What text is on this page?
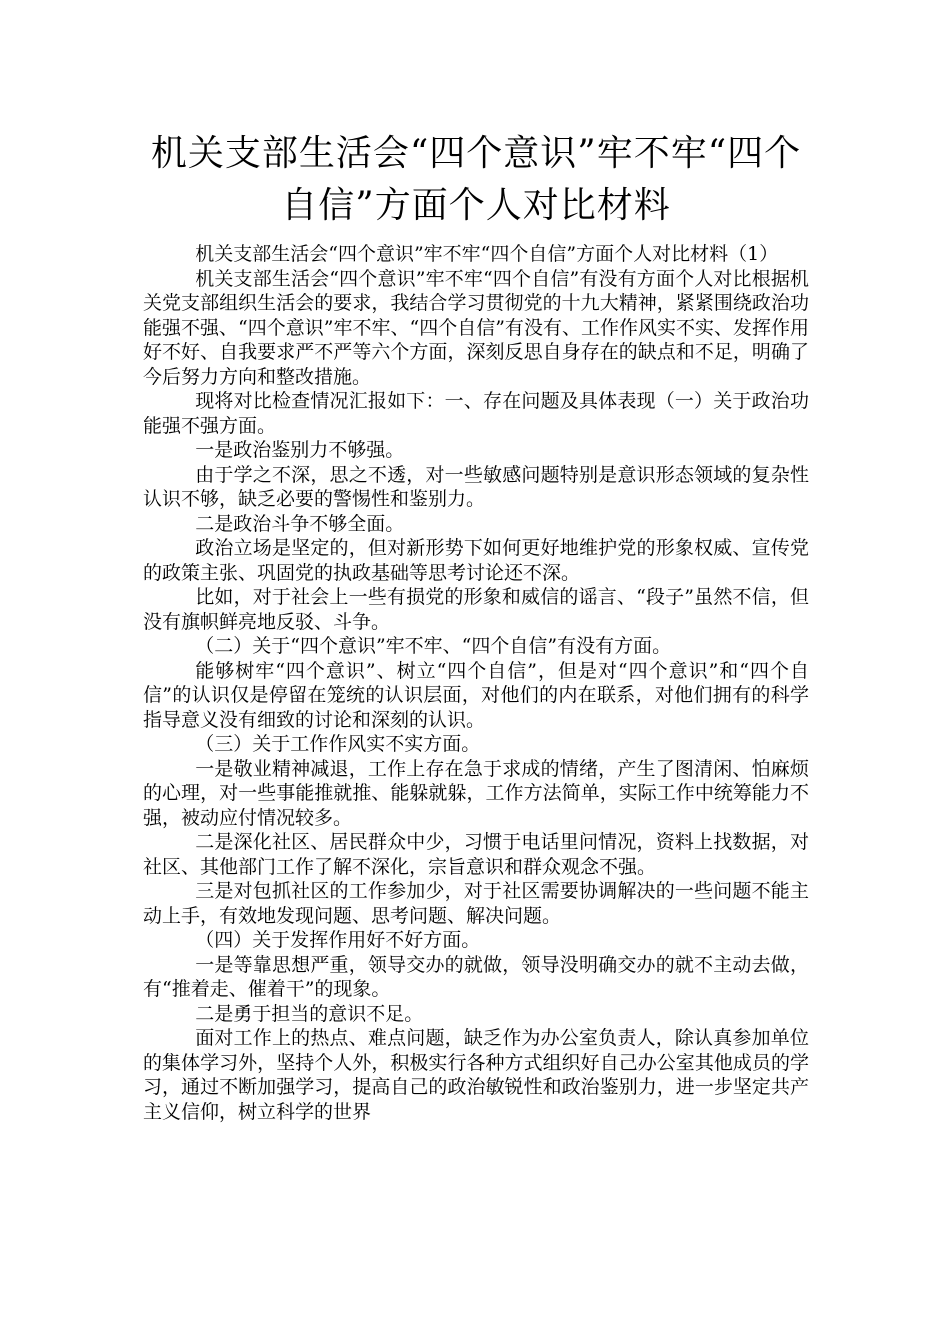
机关支部生活会“四个意识”牢不牢“四个自信”方面个人对比材料

机关支部生活会“四个意识”牢不牢“四个自信”方面个人对比材料（1）

机关支部生活会“四个意识”牢不牢“四个自信”有没有方面个人对比根据机关党支部组织生活会的要求，我结合学习贯彻党的十九大精神，紧紧围绕政治功能强不强、“四个意识”牢不牢、“四个自信”有没有、工作作风实不实、发挥作用好不好、自我要求严不严等六个方面，深刻反思自身存在的缺点和不足，明确了今后努力方向和整改措施。

现将对比检查情况汇报如下：一、存在问题及具体表现（一）关于政治功能强不强方面。

一是政治鉴别力不够强。

由于学之不深，思之不透，对一些敏感问题特别是意识形态领域的复杂性认识不够，缺乏必要的警惕性和鉴别力。

二是政治斗争不够全面。

政治立场是坚定的，但对新形势下如何更好地维护党的形象权威、宣传党的政策主张、巩固党的执政基础等思考讨论还不深。

比如，对于社会上一些有损党的形象和威信的谣言、“段子”虽然不信，但没有旗帜鲜亮地反驳、斗争。

（二）关于“四个意识”牢不牢、“四个自信”有没有方面。

能够树牢“四个意识”、树立“四个自信”，但是对“四个意识”和“四个自信”的认识仅是停留在笼统的认识层面，对他们的内在联系，对他们拥有的科学指导意义没有细致的讨论和深刻的认识。

（三）关于工作作风实不实方面。

一是敬业精神减退，工作上存在急于求成的情绪，产生了图清闲、怕麻烦的心理，对一些事能推就推、能躲就躲，工作方法简单，实际工作中统筹能力不强，被动应付情况较多。

二是深化社区、居民群众中少，习惯于电话里问情况，资料上找数据，对社区、其他部门工作了解不深化，宗旨意识和群众观念不强。

三是对包抓社区的工作参加少，对于社区需要协调解决的一些问题不能主动上手，有效地发现问题、思考问题、解决问题。

（四）关于发挥作用好不好方面。

一是等靠思想严重，领导交办的就做，领导没明确交办的就不主动去做，有“推着走、催着干”的现象。

二是勇于担当的意识不足。

面对工作上的热点、难点问题，缺乏作为办公室负责人，除认真参加单位的集体学习外，坚持个人外，积极实行各种方式组织好自己办公室其他成员的学习，通过不断加强学习，提高自己的政治敏锐性和政治鉴别力，进一步坚定共产主义信仰，树立科学的世界
